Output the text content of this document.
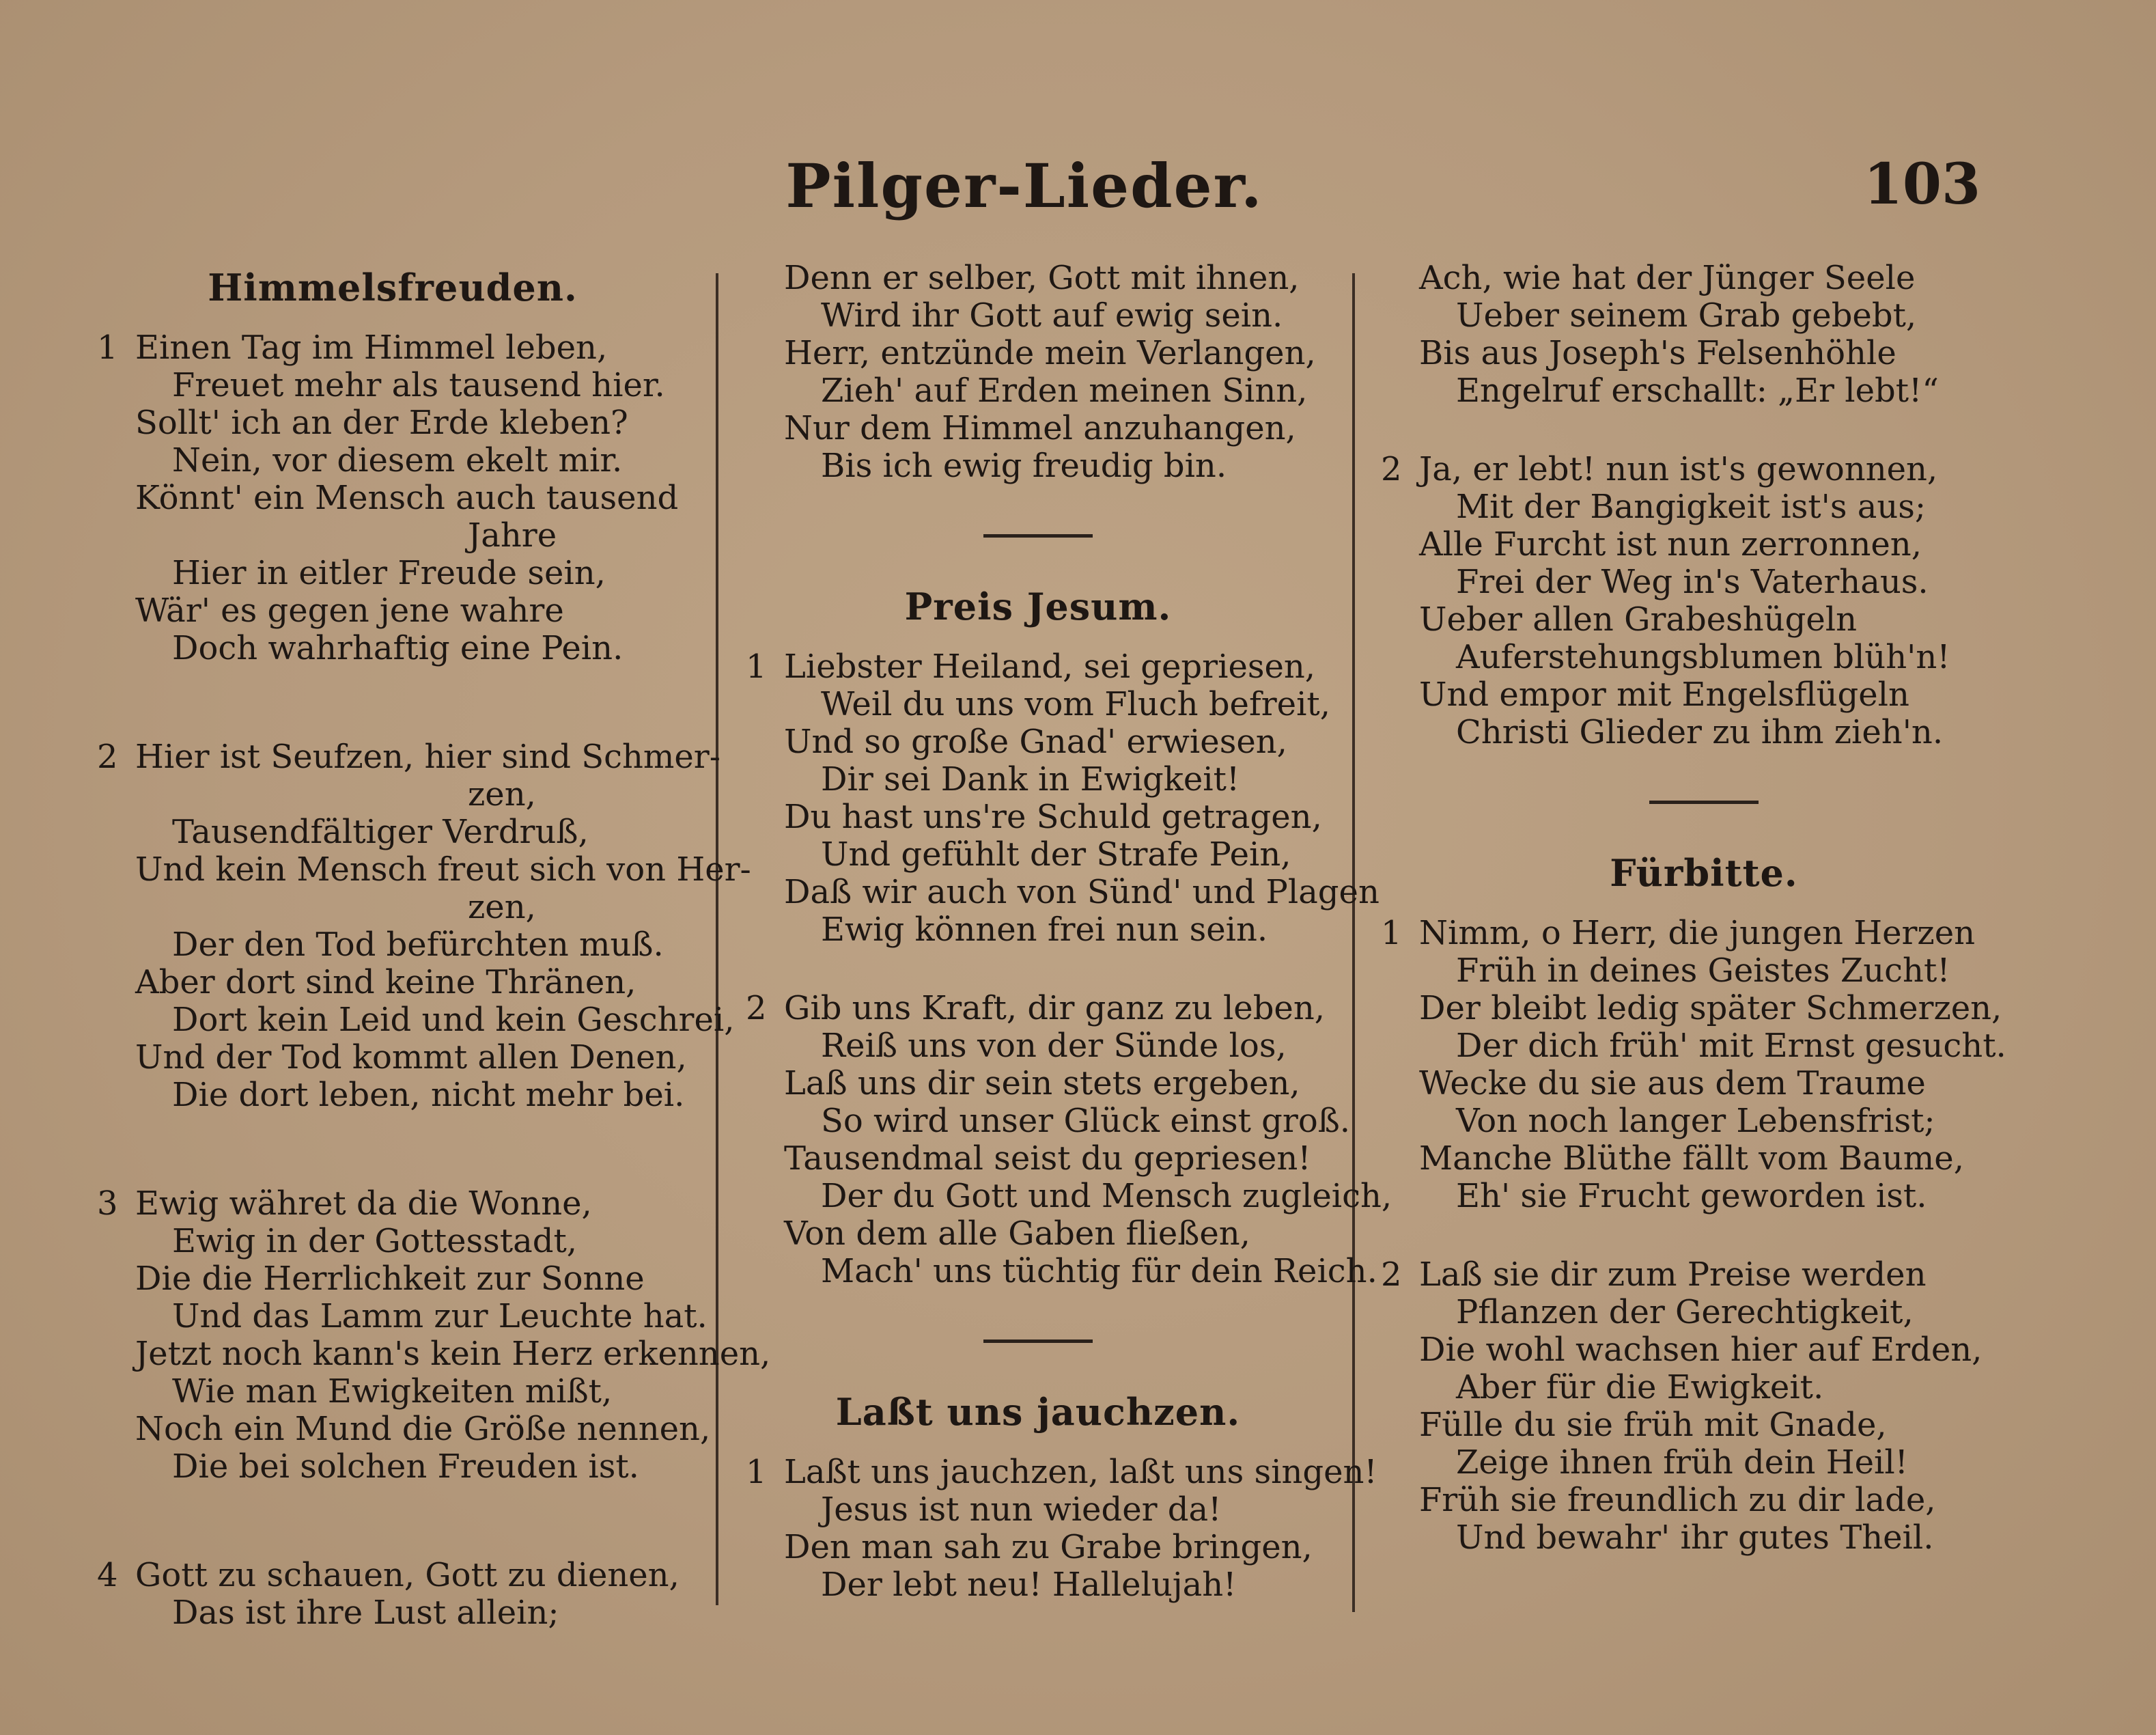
Pilger-Lieder.	103
Himmelsfreuden.
1 Einen Tag im Himmel leben,
Freuet mehr als tausend hier.
Sollt' ich an der Erde kleben?
Nein, vor diesem ekelt mir.
Könnt' ein Mensch auch tausend
Jahre
Hier in eitler Freude sein,
Wär' es gegen jene wahre
Doch wahrhaftig eine Pein.
2 Hier ist Seufzen, hier sind Schmer-
zen,
Tausendfältiger Verdruß,
Und kein Mensch freut sich von Her-
zen,
Der den Tod befürchten muß.
Aber dort sind keine Thränen,
Dort kein Leid und kein Geschrei,
Und der Tod kommt allen Denen,
Die dort leben, nicht mehr bei.
3 Ewig währet da die Wonne,
Ewig in der Gottesstadt,
Die die Herrlichkeit zur Sonne
Und das Lamm zur Leuchte hat.
Jetzt noch kann's kein Herz erkennen,
Wie man Ewigkeiten mißt,
Noch ein Mund die Größe nennen,
Die bei solchen Freuden ist.
4 Gott zu schauen, Gott zu dienen,
Das ist ihre Lust allein;
Denn er selber, Gott mit ihnen,
Wird ihr Gott auf ewig sein.
Herr, entzünde mein Verlangen,
Zieh' auf Erden meinen Sinn,
Nur dem Himmel anzuhangen,
Bis ich ewig freudig bin.
Preis Jesum.
1 Liebster Heiland, sei gepriesen,
Weil du uns vom Fluch befreit,
Und so große Gnad' erwiesen,
Dir sei Dank in Ewigkeit!
Du hast uns're Schuld getragen,
Und gefühlt der Strafe Pein,
Daß wir auch von Sünd' und Plagen
Ewig können frei nun sein.
2 Gib uns Kraft, dir ganz zu leben,
Reiß uns von der Sünde los,
Laß uns dir sein stets ergeben,
So wird unser Glück einst groß.
Tausendmal seist du gepriesen!
Der du Gott und Mensch zugleich,
Von dem alle Gaben fließen,
Mach' uns tüchtig für dein Reich.
Laßt uns jauchzen.
1 Laßt uns jauchzen, laßt uns singen!
Jesus ist nun wieder da!
Den man sah zu Grabe bringen,
Der lebt neu! Hallelujah!
Ach, wie hat der Jünger Seele
Ueber seinem Grab gebebt,
Bis aus Joseph's Felsenhöhle
Engelruf erschallt: „Er lebt!“
2 Ja, er lebt! nun ist's gewonnen,
Mit der Bangigkeit ist's aus;
Alle Furcht ist nun zerronnen,
Frei der Weg in's Vaterhaus.
Ueber allen Grabeshügeln
Auferstehungsblumen blüh'n!
Und empor mit Engelsflügeln
Christi Glieder zu ihm zieh'n.
Fürbitte.
1 Nimm, o Herr, die jungen Herzen
Früh in deines Geistes Zucht!
Der bleibt ledig später Schmerzen,
Der dich früh' mit Ernst gesucht.
Wecke du sie aus dem Traume
Von noch langer Lebensfrist;
Manche Blüthe fällt vom Baume,
Eh' sie Frucht geworden ist.
2 Laß sie dir zum Preise werden
Pflanzen der Gerechtigkeit,
Die wohl wachsen hier auf Erden,
Aber für die Ewigkeit.
Fülle du sie früh mit Gnade,
Zeige ihnen früh dein Heil!
Früh sie freundlich zu dir lade,
Und bewahr' ihr gutes Theil.
